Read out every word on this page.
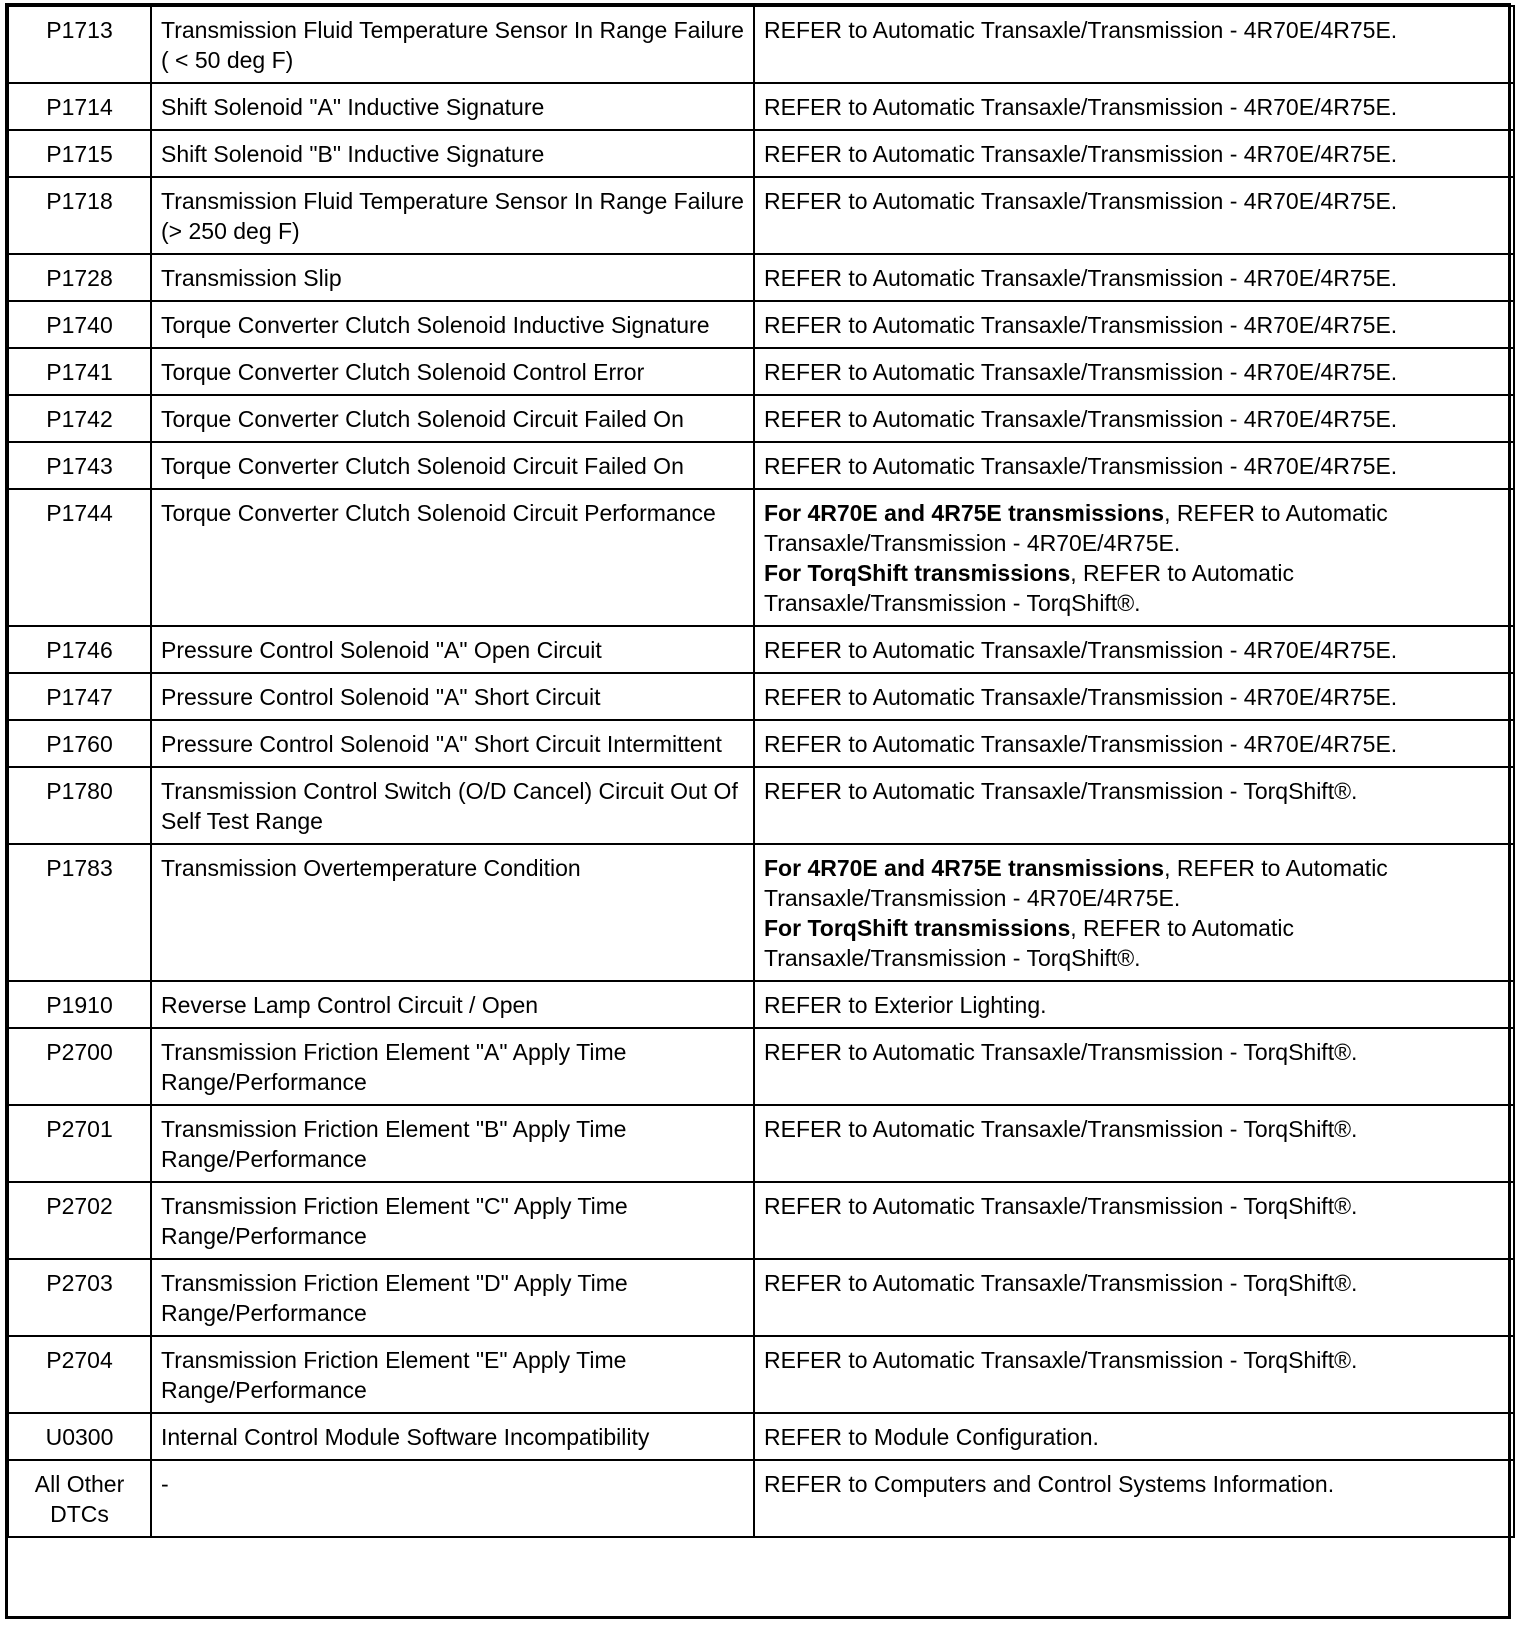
P1713	Transmission Fluid Temperature Sensor In Range Failure ( < 50 deg F)	REFER to Automatic Transaxle/Transmission - 4R70E/4R75E.

P1714	Shift Solenoid "A" Inductive Signature	REFER to Automatic Transaxle/Transmission - 4R70E/4R75E.

P1715	Shift Solenoid "B" Inductive Signature	REFER to Automatic Transaxle/Transmission - 4R70E/4R75E.

P1718	Transmission Fluid Temperature Sensor In Range Failure (> 250 deg F)	REFER to Automatic Transaxle/Transmission - 4R70E/4R75E.

P1728	Transmission Slip	REFER to Automatic Transaxle/Transmission - 4R70E/4R75E.

P1740	Torque Converter Clutch Solenoid Inductive Signature	REFER to Automatic Transaxle/Transmission - 4R70E/4R75E.

P1741	Torque Converter Clutch Solenoid Control Error	REFER to Automatic Transaxle/Transmission - 4R70E/4R75E.

P1742	Torque Converter Clutch Solenoid Circuit Failed On	REFER to Automatic Transaxle/Transmission - 4R70E/4R75E.

P1743	Torque Converter Clutch Solenoid Circuit Failed On	REFER to Automatic Transaxle/Transmission - 4R70E/4R75E.

P1744	Torque Converter Clutch Solenoid Circuit Performance	For 4R70E and 4R75E transmissions, REFER to Automatic Transaxle/Transmission - 4R70E/4R75E.
For TorqShift transmissions, REFER to Automatic Transaxle/Transmission - TorqShift®.

P1746	Pressure Control Solenoid "A" Open Circuit	REFER to Automatic Transaxle/Transmission - 4R70E/4R75E.

P1747	Pressure Control Solenoid "A" Short Circuit	REFER to Automatic Transaxle/Transmission - 4R70E/4R75E.

P1760	Pressure Control Solenoid "A" Short Circuit Intermittent	REFER to Automatic Transaxle/Transmission - 4R70E/4R75E.

P1780	Transmission Control Switch (O/D Cancel) Circuit Out Of Self Test Range	REFER to Automatic Transaxle/Transmission - TorqShift®.

P1783	Transmission Overtemperature Condition	For 4R70E and 4R75E transmissions, REFER to Automatic Transaxle/Transmission - 4R70E/4R75E.
For TorqShift transmissions, REFER to Automatic Transaxle/Transmission - TorqShift®.

P1910	Reverse Lamp Control Circuit / Open	REFER to Exterior Lighting.

P2700	Transmission Friction Element "A" Apply Time Range/Performance	REFER to Automatic Transaxle/Transmission - TorqShift®.

P2701	Transmission Friction Element "B" Apply Time Range/Performance	REFER to Automatic Transaxle/Transmission - TorqShift®.

P2702	Transmission Friction Element "C" Apply Time Range/Performance	REFER to Automatic Transaxle/Transmission - TorqShift®.

P2703	Transmission Friction Element "D" Apply Time Range/Performance	REFER to Automatic Transaxle/Transmission - TorqShift®.

P2704	Transmission Friction Element "E" Apply Time Range/Performance	REFER to Automatic Transaxle/Transmission - TorqShift®.

U0300	Internal Control Module Software Incompatibility	REFER to Module Configuration.

All Other DTCs	-	REFER to Computers and Control Systems Information.
